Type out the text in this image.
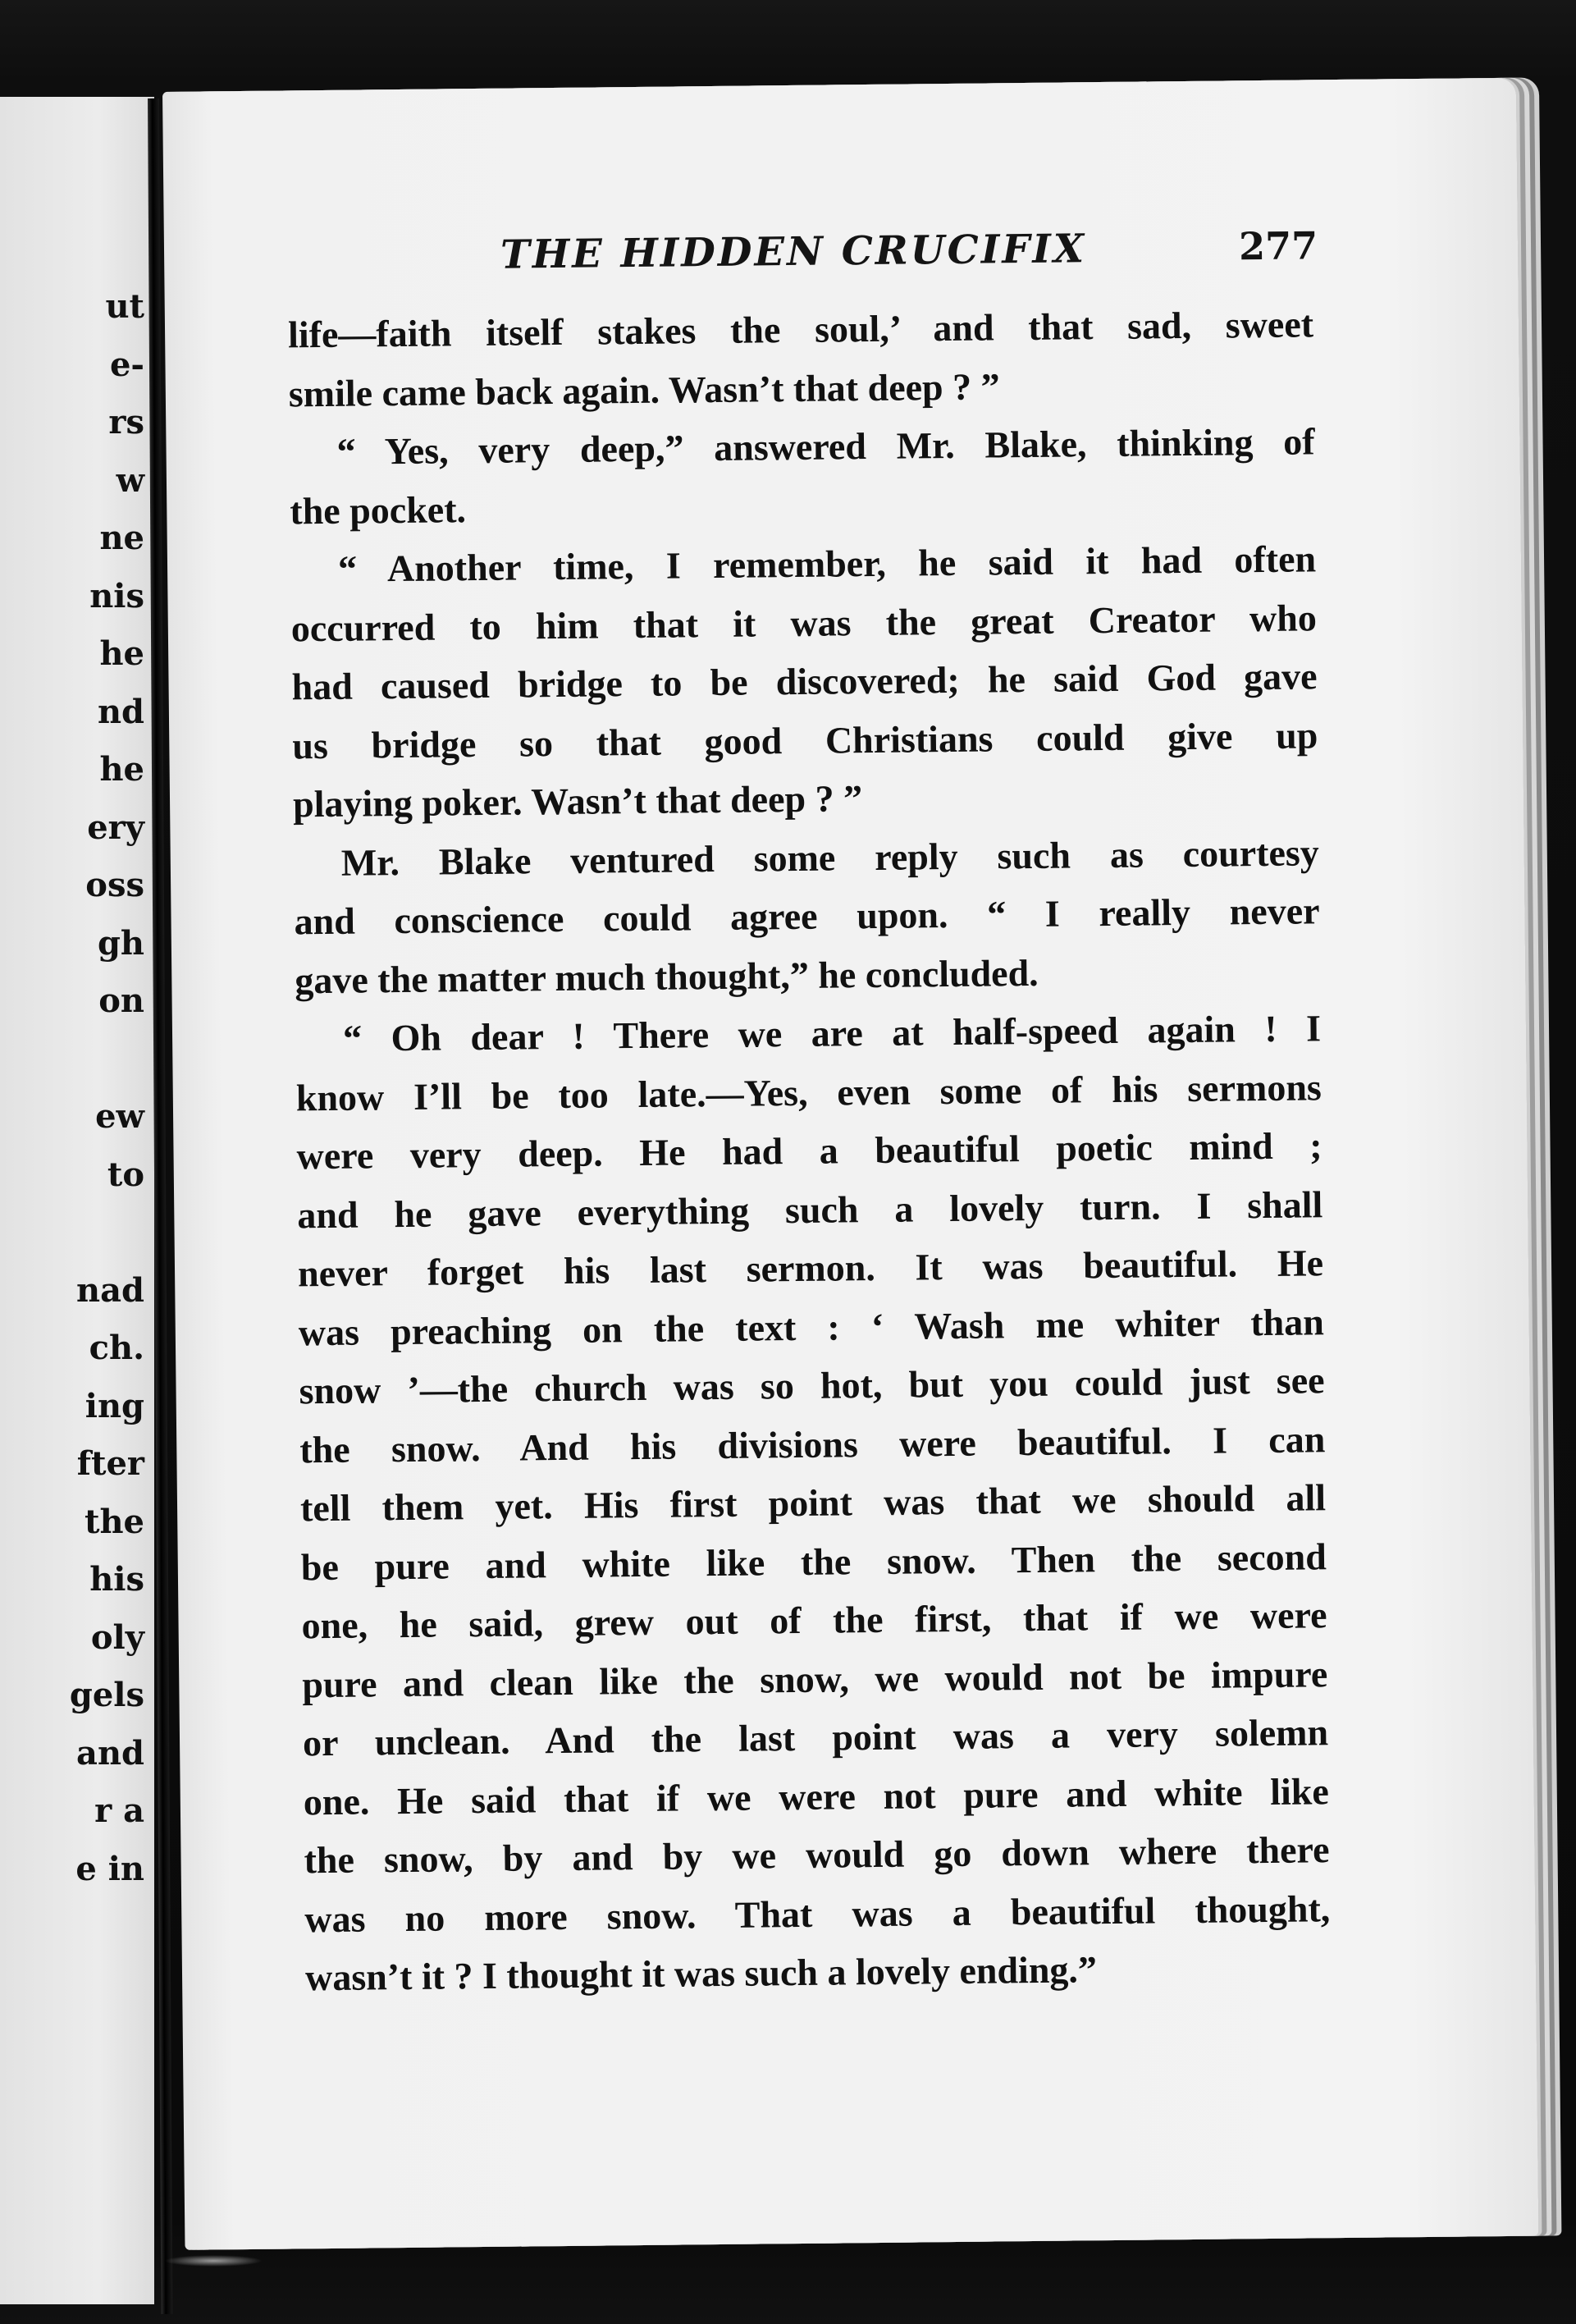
ut
e-
rs
w
ne
nis
he
nd
he
ery
oss
gh
on
ew
to
nad
ch.
ing
fter
the
his
oly
gels
and
r a
e in
THE HIDDEN CRUCIFIX	277
life—faith itself stakes the soul,’ and that sad, sweet
smile came back again. Wasn’t that deep ? ”
“ Yes, very deep,” answered Mr. Blake, thinking of
the pocket.
“ Another time, I remember, he said it had often
occurred to him that it was the great Creator who
had caused bridge to be discovered; he said God gave
us bridge so that good Christians could give up
playing poker. Wasn’t that deep ? ”
Mr. Blake ventured some reply such as courtesy
and conscience could agree upon. “ I really never
gave the matter much thought,” he concluded.
“ Oh dear ! There we are at half-speed again ! I
know I’ll be too late.—Yes, even some of his sermons
were very deep. He had a beautiful poetic mind ;
and he gave everything such a lovely turn. I shall
never forget his last sermon. It was beautiful. He
was preaching on the text : ‘ Wash me whiter than
snow ’—the church was so hot, but you could just see
the snow. And his divisions were beautiful. I can
tell them yet. His first point was that we should all
be pure and white like the snow. Then the second
one, he said, grew out of the first, that if we were
pure and clean like the snow, we would not be impure
or unclean. And the last point was a very solemn
one. He said that if we were not pure and white like
the snow, by and by we would go down where there
was no more snow. That was a beautiful thought,
wasn’t it ? I thought it was such a lovely ending.”
